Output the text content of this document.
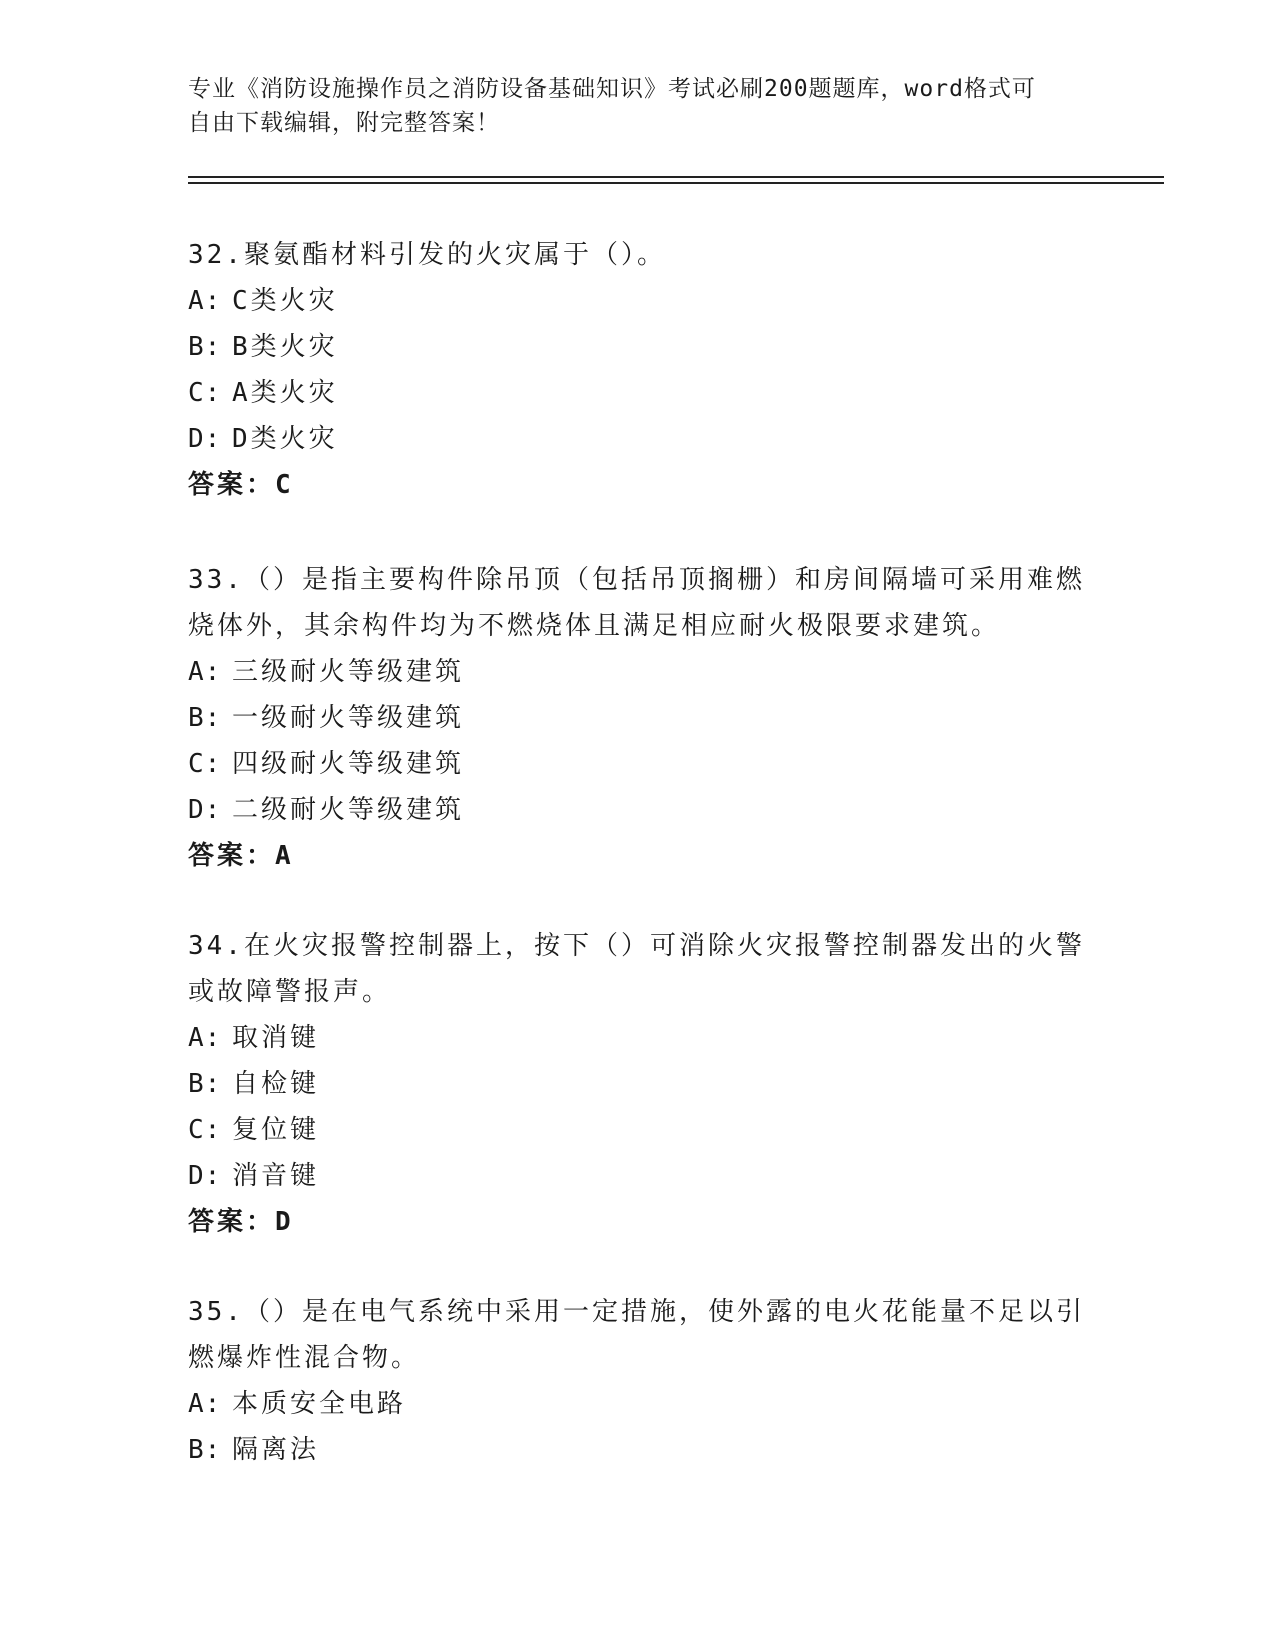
专业《消防设施操作员之消防设备基础知识》考试必刷200题题库，word格式可

自由下载编辑，附完整答案！

32.聚氨酯材料引发的火灾属于（）。

A: C类火灾

B: B类火灾

C: A类火灾

D: D类火灾

答案：C

33.（）是指主要构件除吊顶（包括吊顶搁栅）和房间隔墙可采用难燃

烧体外，其余构件均为不燃烧体且满足相应耐火极限要求建筑。

A: 三级耐火等级建筑

B: 一级耐火等级建筑

C: 四级耐火等级建筑

D: 二级耐火等级建筑

答案：A

34.在火灾报警控制器上，按下（）可消除火灾报警控制器发出的火警

或故障警报声。

A: 取消键

B: 自检键

C: 复位键

D: 消音键

答案：D

35.（）是在电气系统中采用一定措施，使外露的电火花能量不足以引

燃爆炸性混合物。

A: 本质安全电路

B: 隔离法
